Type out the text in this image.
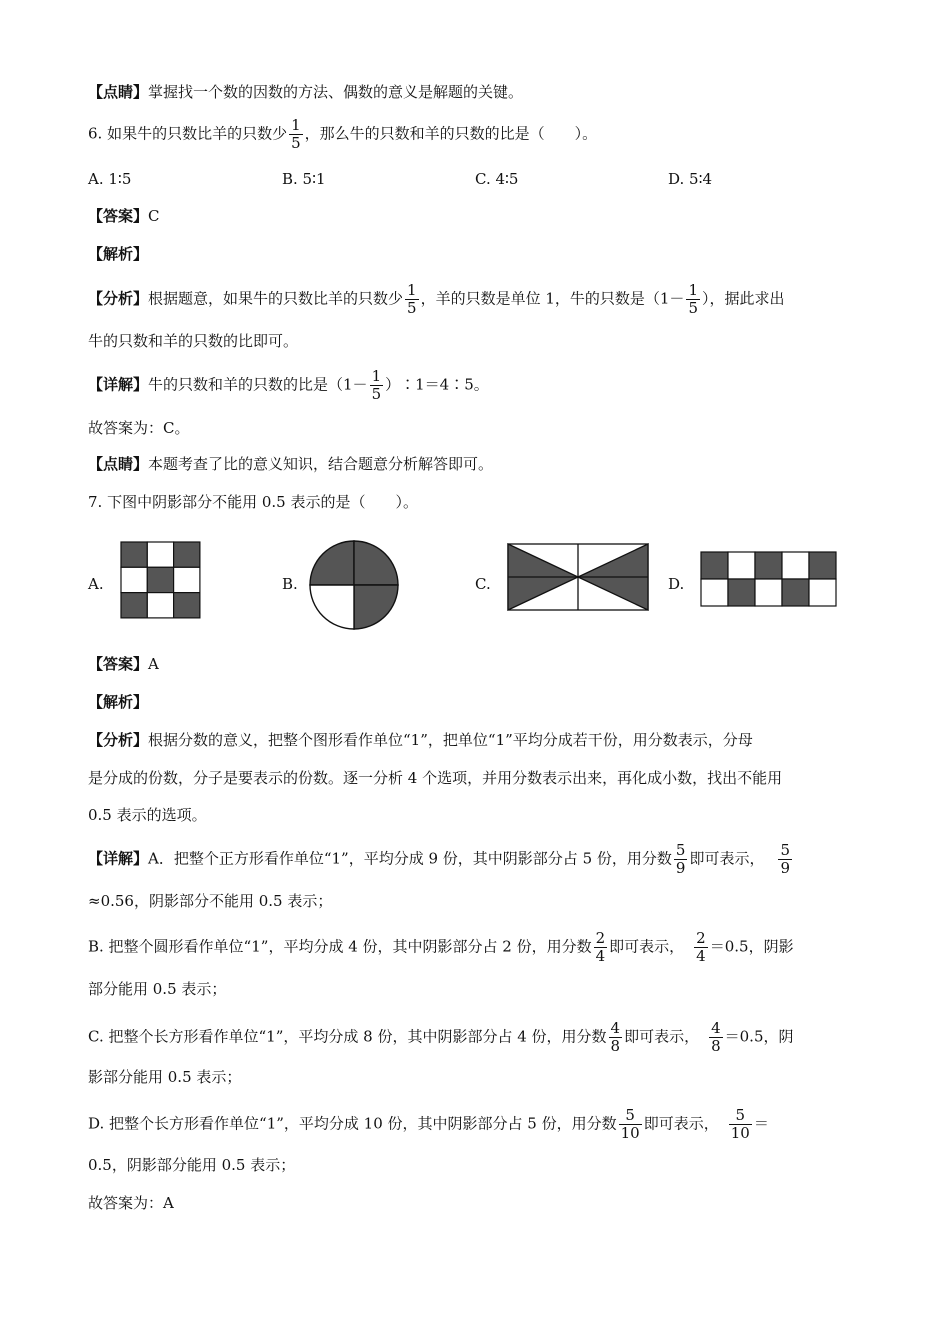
【点睛】掌握找一个数的因数的方法、偶数的意义是解题的关键。
6. 如果牛的只数比羊的只数少 $\frac{1}{5}$ ，那么牛的只数和羊的只数的比是（　　）。
A. 1∶5	B. 5∶1	C. 4∶5	D. 5∶4
【答案】C
【解析】
【分析】根据题意，如果牛的只数比羊的只数少 $\frac{1}{5}$ ，羊的只数是单位 1，牛的只数是（$1- \frac{1}{5}$ ），据此求出
牛的只数和羊的只数的比即可。
【详解】牛的只数和羊的只数的比是（$1- \frac{1}{5}$ ）∶1＝4∶5。
故答案为：C。
【点睛】本题考查了比的意义知识，结合题意分析解答即可。
7. 下图中阴影部分不能用 0.5 表示的是（　　）。
A.	B.	C.	D.
【答案】A
【解析】
【分析】根据分数的意义，把整个图形看作单位“1”，把单位“1”平均分成若干份，用分数表示，分母
是分成的份数，分子是要表示的份数。逐一分析 4 个选项，并用分数表示出来，再化成小数，找出不能用
0.5 表示的选项。
【详解】A．把整个正方形看作单位“1”，平均分成 9 份，其中阴影部分占 5 份，用分数 $\frac{5}{9}$ 即可表示， $\frac{5}{9}$
≈0.56，阴影部分不能用 0.5 表示；
B. 把整个圆形看作单位“1”，平均分成 4 份，其中阴影部分占 2 份，用分数 $\frac{2}{4}$ 即可表示， $\frac{2}{4} =0.5$，阴影
部分能用 0.5 表示；
C. 把整个长方形看作单位“1”，平均分成 8 份，其中阴影部分占 4 份，用分数 $\frac{4}{8}$ 即可表示， $\frac{4}{8} =0.5$，阴
影部分能用 0.5 表示；
D. 把整个长方形看作单位“1”，平均分成 10 份，其中阴影部分占 5 份，用分数 $\frac{5}{10}$ 即可表示， $\frac{5}{10}$ ＝
0.5，阴影部分能用 0.5 表示；
故答案为：A
